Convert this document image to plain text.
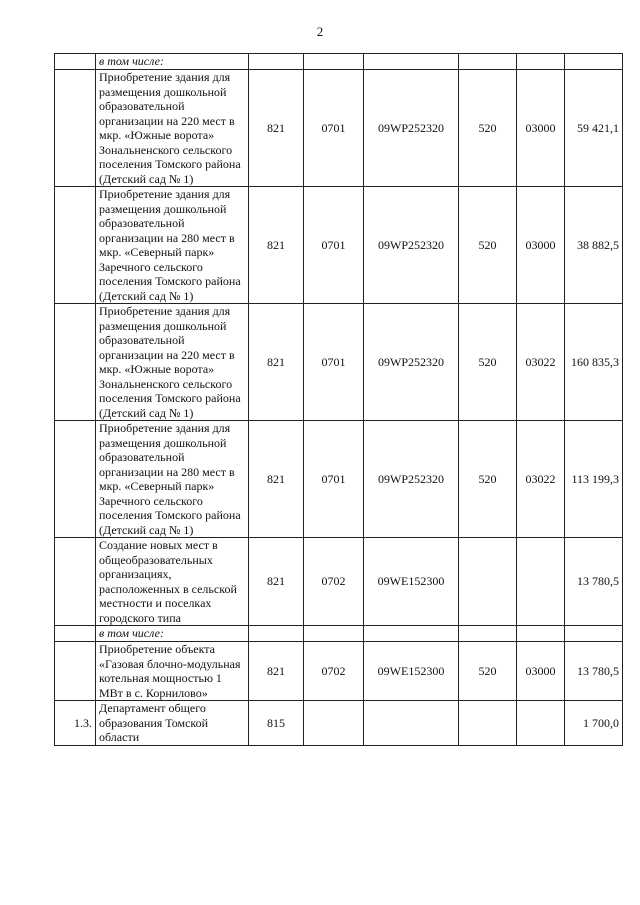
2
	в том числе:						
	Приобретение здания для размещения дошкольной образовательной организации на 220 мест в мкр. «Южные ворота» Зональненского сельского поселения Томского района (Детский сад № 1)	821	0701	09WP252320	520	03000	59 421,1
	Приобретение здания для размещения дошкольной образовательной организации на 280 мест в мкр. «Северный парк» Заречного сельского поселения Томского района (Детский сад № 1)	821	0701	09WP252320	520	03000	38 882,5
	Приобретение здания для размещения дошкольной образовательной организации на 220 мест в мкр. «Южные ворота» Зональненского сельского поселения Томского района (Детский сад № 1)	821	0701	09WP252320	520	03022	160 835,3
	Приобретение здания для размещения дошкольной образовательной организации на 280 мест в мкр. «Северный парк» Заречного сельского поселения Томского района (Детский сад № 1)	821	0701	09WP252320	520	03022	113 199,3
	Создание новых мест в общеобразовательных организациях, расположенных в сельской местности и поселках городского типа	821	0702	09WE152300			13 780,5
	в том числе:						
	Приобретение объекта «Газовая блочно-модульная котельная мощностью 1 МВт в с. Корнилово»	821	0702	09WE152300	520	03000	13 780,5
1.3.	Департамент общего образования Томской области	815					1 700,0
